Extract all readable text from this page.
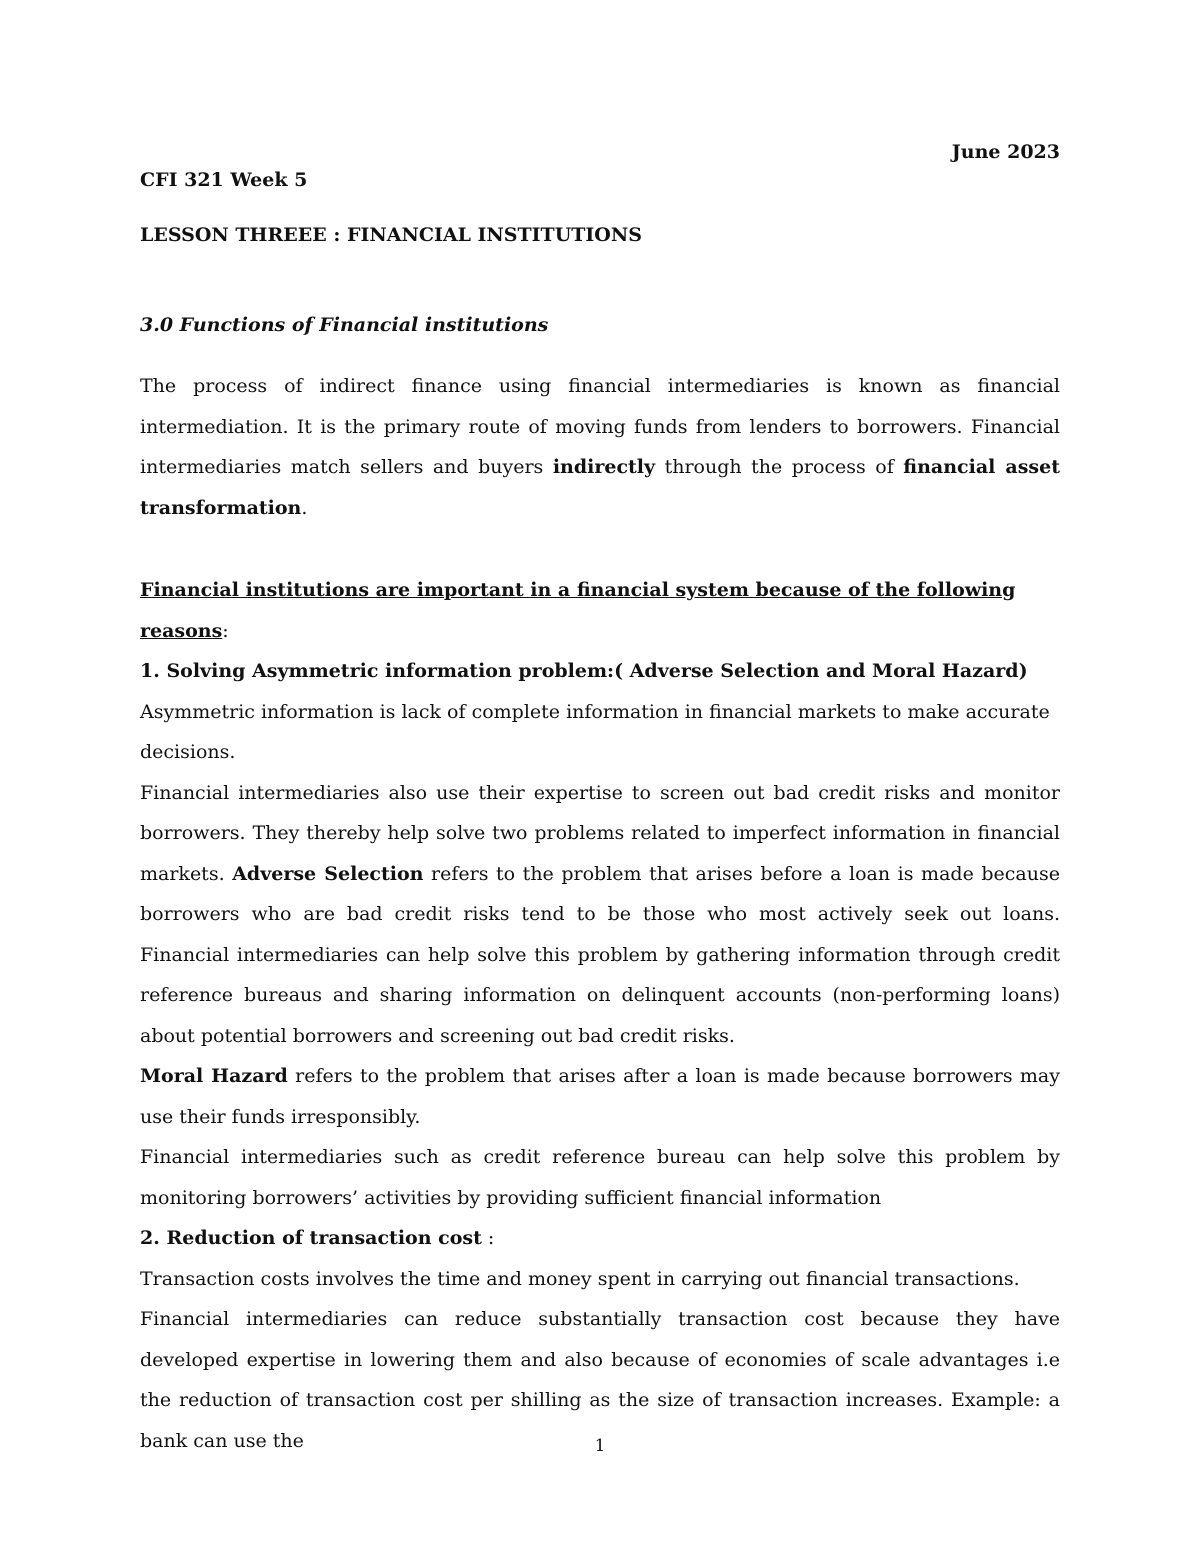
June 2023
CFI 321 Week 5
LESSON THREEE : FINANCIAL INSTITUTIONS
3.0 Functions of Financial institutions

The process of indirect finance using financial intermediaries is known as financial intermediation. It is the primary route of moving funds from lenders to borrowers. Financial intermediaries match sellers and buyers indirectly through the process of financial asset transformation.

Financial institutions are important in a financial system because of the following reasons:

1. Solving Asymmetric information problem:( Adverse Selection and Moral Hazard)

Asymmetric information is lack of complete information in financial markets to make accurate decisions.

Financial intermediaries also use their expertise to screen out bad credit risks and monitor borrowers. They thereby help solve two problems related to imperfect information in financial markets. Adverse Selection refers to the problem that arises before a loan is made because borrowers who are bad credit risks tend to be those who most actively seek out loans. Financial intermediaries can help solve this problem by gathering information through credit reference bureaus and sharing information on delinquent accounts (non-performing loans) about potential borrowers and screening out bad credit risks.

Moral Hazard refers to the problem that arises after a loan is made because borrowers may use their funds irresponsibly.

Financial intermediaries such as credit reference bureau can help solve this problem by monitoring borrowers’ activities by providing sufficient financial information

2. Reduction of transaction cost :

Transaction costs involves the time and money spent in carrying out financial transactions.

Financial intermediaries can reduce substantially transaction cost because they have developed expertise in lowering them and also because of economies of scale advantages i.e the reduction of transaction cost per shilling as the size of transaction increases. Example: a bank can use the	1
